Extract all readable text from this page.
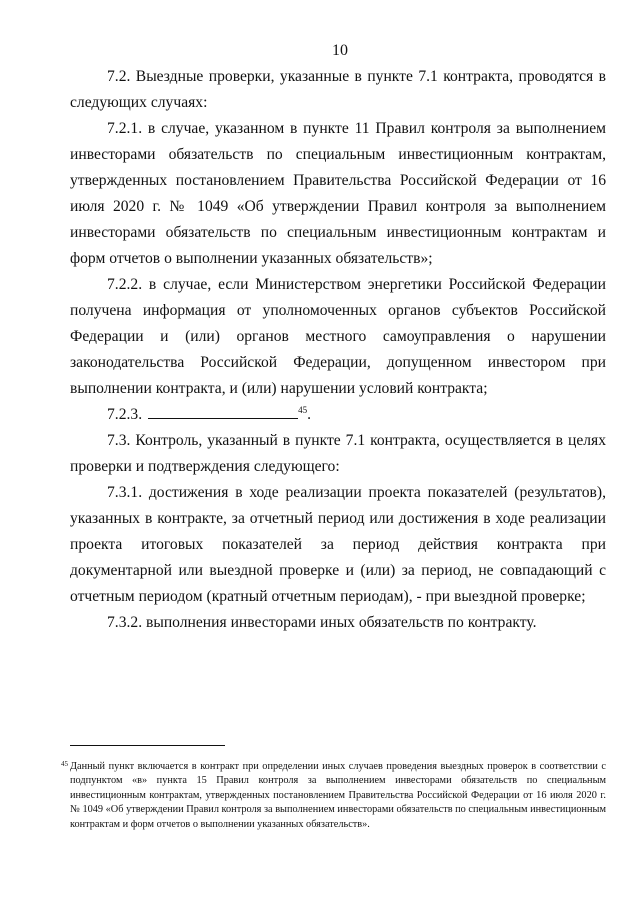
10

7.2. Выездные проверки, указанные в пункте 7.1 контракта, проводятся в следующих случаях:

7.2.1. в случае, указанном в пункте 11 Правил контроля за выполнением инвесторами обязательств по специальным инвестиционным контрактам, утвержденных постановлением Правительства Российской Федерации от 16 июля 2020 г. № 1049 «Об утверждении Правил контроля за выполнением инвесторами обязательств по специальным инвестиционным контрактам и форм отчетов о выполнении указанных обязательств»;

7.2.2. в случае, если Министерством энергетики Российской Федерации получена информация от уполномоченных органов субъектов Российской Федерации и (или) органов местного самоуправления о нарушении законодательства Российской Федерации, допущенном инвестором при выполнении контракта, и (или) нарушении условий контракта;

7.2.3.	$^{45}$.

7.3. Контроль, указанный в пункте 7.1 контракта, осуществляется в целях проверки и подтверждения следующего:

7.3.1. достижения в ходе реализации проекта показателей (результатов), указанных в контракте, за отчетный период или достижения в ходе реализации проекта итоговых показателей за период действия контракта при документарной или выездной проверке и (или) за период, не совпадающий с отчетным периодом (кратный отчетным периодам), - при выездной проверке;

7.3.2. выполнения инвесторами иных обязательств по контракту.

45 Данный пункт включается в контракт при определении иных случаев проведения выездных проверок в соответствии с подпунктом «в» пункта 15 Правил контроля за выполнением инвесторами обязательств по специальным инвестиционным контрактам, утвержденных постановлением Правительства Российской Федерации от 16 июля 2020 г. № 1049 «Об утверждении Правил контроля за выполнением инвесторами обязательств по специальным инвестиционным контрактам и форм отчетов о выполнении указанных обязательств».
